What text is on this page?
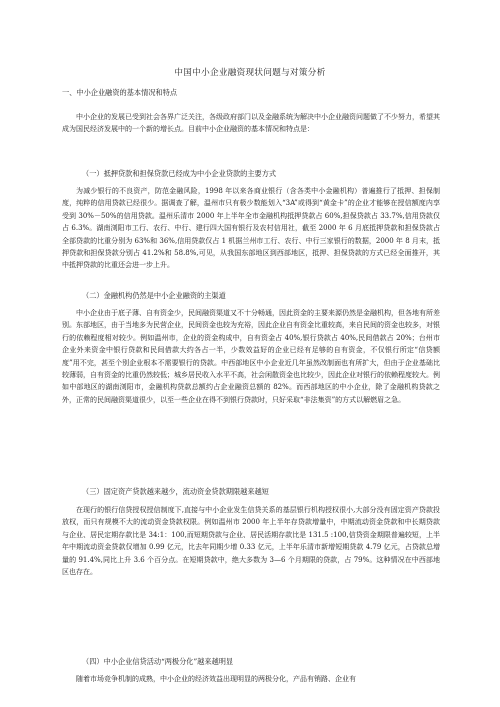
中国中小企业融资现状问题与对策分析
一、中小企业融资的基本情况和特点

中小企业的发展已受到社会各界广泛关注，各级政府部门以及金融系统为解决中小企业融资问题做了不少努力，希望其成为国民经济发展中的一个新的增长点。目前中小企业融资的基本情况和特点是：

（一）抵押贷款和担保贷款已经成为中小企业贷款的主要方式

为减少银行的不良资产，防范金融风险，1998 年以来各商业银行（含各类中小金融机构）普遍推行了抵押、担保制度，纯粹的信用贷款已经很少。据调查了解，温州市只有极少数能划入“3A”或得到“黄金卡”的企业才能够在授信额度内享受到 30%－50%的信用贷款。温州乐清市 2000 年上半年全市金融机构抵押贷款占 60%,担保贷款占 33.7%,信用贷款仅占 6.3%。湖南浏阳市工行、农行、中行、建行四大国有银行及农村信用社，截至 2000 年 6 月底抵押贷款和担保贷款占全部贷款的比重分别为 63%和 36%,信用贷款仅占 1 机据兰州市工行、农行、中行三家银行的数据，2000 年 8 月末，抵押贷款和担保贷款分别占 41.2%和 58.8%,可见，从我国东部地区到西部地区，抵押、担保贷款的方式已经全面推开，其中抵押贷款的比重还会进一步上升。

（二）金融机构仍然是中小企业融资的主渠道

中小企业由于底子薄、自有资金少，民间融资渠道又不十分畅通，因此资金的主要来源仍然是金融机构，但各地有所差别。东部地区，由于当地多为民营企业，民间资金也较为充裕，因此企业自有资金比重较高，来自民间的资金也较多，对银行的依赖程度相对较少。例如温州市，企业的资金构成中，自有资金占 40%,银行贷款占 40%,民间借款占 20%；台州市企业外来资金中银行贷款和民间借款大约各占一半，少数效益好的企业已经有足够的自有资金，不仅银行所定“信贷额度”用不完，甚至个别企业根本不需要银行的贷款。中西部地区中小企业近几年虽然改制面也有所扩大，但由于企业基础比较薄弱，自有资金的比重仍然较低；城乡居民收入水平不高，社会闲散资金也比较少，因此企业对银行的依赖程度较大。例如中部地区的湖南浏阳市，金融机构贷款总额约占企业融资总额的 82%。而西部地区的中小企业，除了金融机构贷款之外，正常的民间融资渠道很少，以至一些企业在得不到银行贷款时，只好采取“非法集资”的方式以解燃眉之急。

（三）固定资产贷款越来越少，流动资金贷款期限越来越短

在现行的银行信贷授权授信制度下,直接与中小企业发生信贷关系的基层银行机构授权很小,大部分没有固定资产贷款投放权，而只有规模不大的流动资金贷款权限。例如温州市 2000 年上半年存贷款增量中，中期流动资金贷款和中长期贷款与企业、居民定期存款比是 34:1：100,而短期贷款与企业、居民活期存款比是 131.5 :100,信贷资金期限普遍较短，上半年中期流动资金贷款仅增加 0.99 亿元，比去年同期少增 0.33 亿元，上半年乐清市新增短期贷款 4.79 亿元，占贷款总增量的 91.4%,同比上升 3.6 个百分点。在短期贷款中，绝大多数为 3—6 个月期限的贷款，占 79%。这种情况在中西部地区也存在。

（四）中小企业信贷活动“两极分化”越来越明显

随着市场竞争机制的成熟，中小企业的经济效益出现明显的两极分化，产品有销路、企业有
